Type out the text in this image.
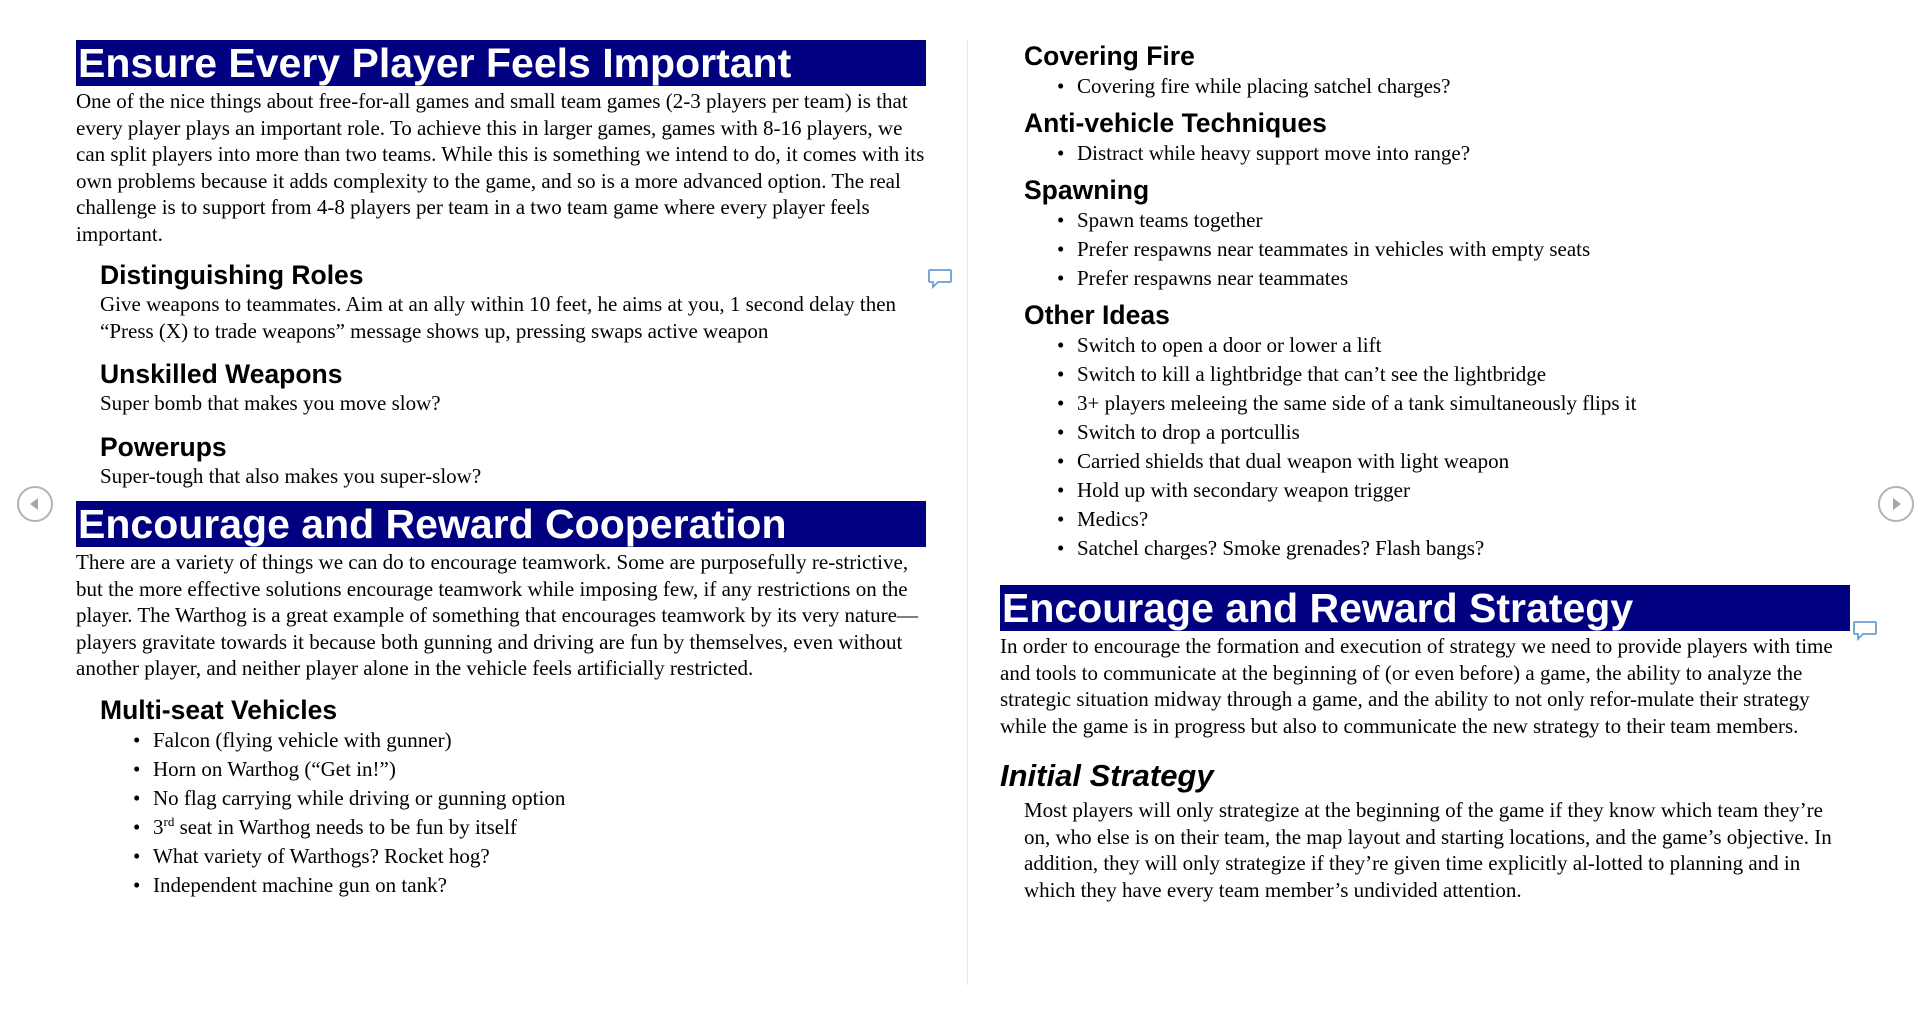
Ensure Every Player Feels Important

One of the nice things about free-for-all games and small team games (2-3 players per team) is that every player plays an important role. To achieve this in larger games, games with 8-16 players, we can split players into more than two teams. While this is something we intend to do, it comes with its own problems because it adds complexity to the game, and so is a more advanced option. The real challenge is to support from 4-8 players per team in a two team game where every player feels important.

Distinguishing Roles

Give weapons to teammates. Aim at an ally within 10 feet, he aims at you, 1 second delay then “Press (X) to trade weapons” message shows up, pressing swaps active weapon

Unskilled Weapons

Super bomb that makes you move slow?

Powerups

Super-tough that also makes you super-slow?

Encourage and Reward Cooperation

There are a variety of things we can do to encourage teamwork. Some are purposefully re-strictive, but the more effective solutions encourage teamwork while imposing few, if any restrictions on the player. The Warthog is a great example of something that encourages teamwork by its very nature—players gravitate towards it because both gunning and driving are fun by themselves, even without another player, and neither player alone in the vehicle feels artificially restricted.

Multi-seat Vehicles
• Falcon (flying vehicle with gunner)
• Horn on Warthog (“Get in!”)
• No flag carrying while driving or gunning option
• 3rd seat in Warthog needs to be fun by itself
• What variety of Warthogs? Rocket hog?
• Independent machine gun on tank?
Covering Fire
• Covering fire while placing satchel charges?
Anti-vehicle Techniques
• Distract while heavy support move into range?
Spawning
• Spawn teams together
• Prefer respawns near teammates in vehicles with empty seats
• Prefer respawns near teammates
Other Ideas
• Switch to open a door or lower a lift
• Switch to kill a lightbridge that can’t see the lightbridge
• 3+ players meleeing the same side of a tank simultaneously flips it
• Switch to drop a portcullis
• Carried shields that dual weapon with light weapon
• Hold up with secondary weapon trigger
• Medics?
• Satchel charges? Smoke grenades? Flash bangs?
Encourage and Reward Strategy

In order to encourage the formation and execution of strategy we need to provide players with time and tools to communicate at the beginning of (or even before) a game, the ability to analyze the strategic situation midway through a game, and the ability to not only refor-mulate their strategy while the game is in progress but also to communicate the new strategy to their team members.

Initial Strategy

Most players will only strategize at the beginning of the game if they know which team they’re on, who else is on their team, the map layout and starting locations, and the game’s objective. In addition, they will only strategize if they’re given time explicitly al-lotted to planning and in which they have every team member’s undivided attention.
